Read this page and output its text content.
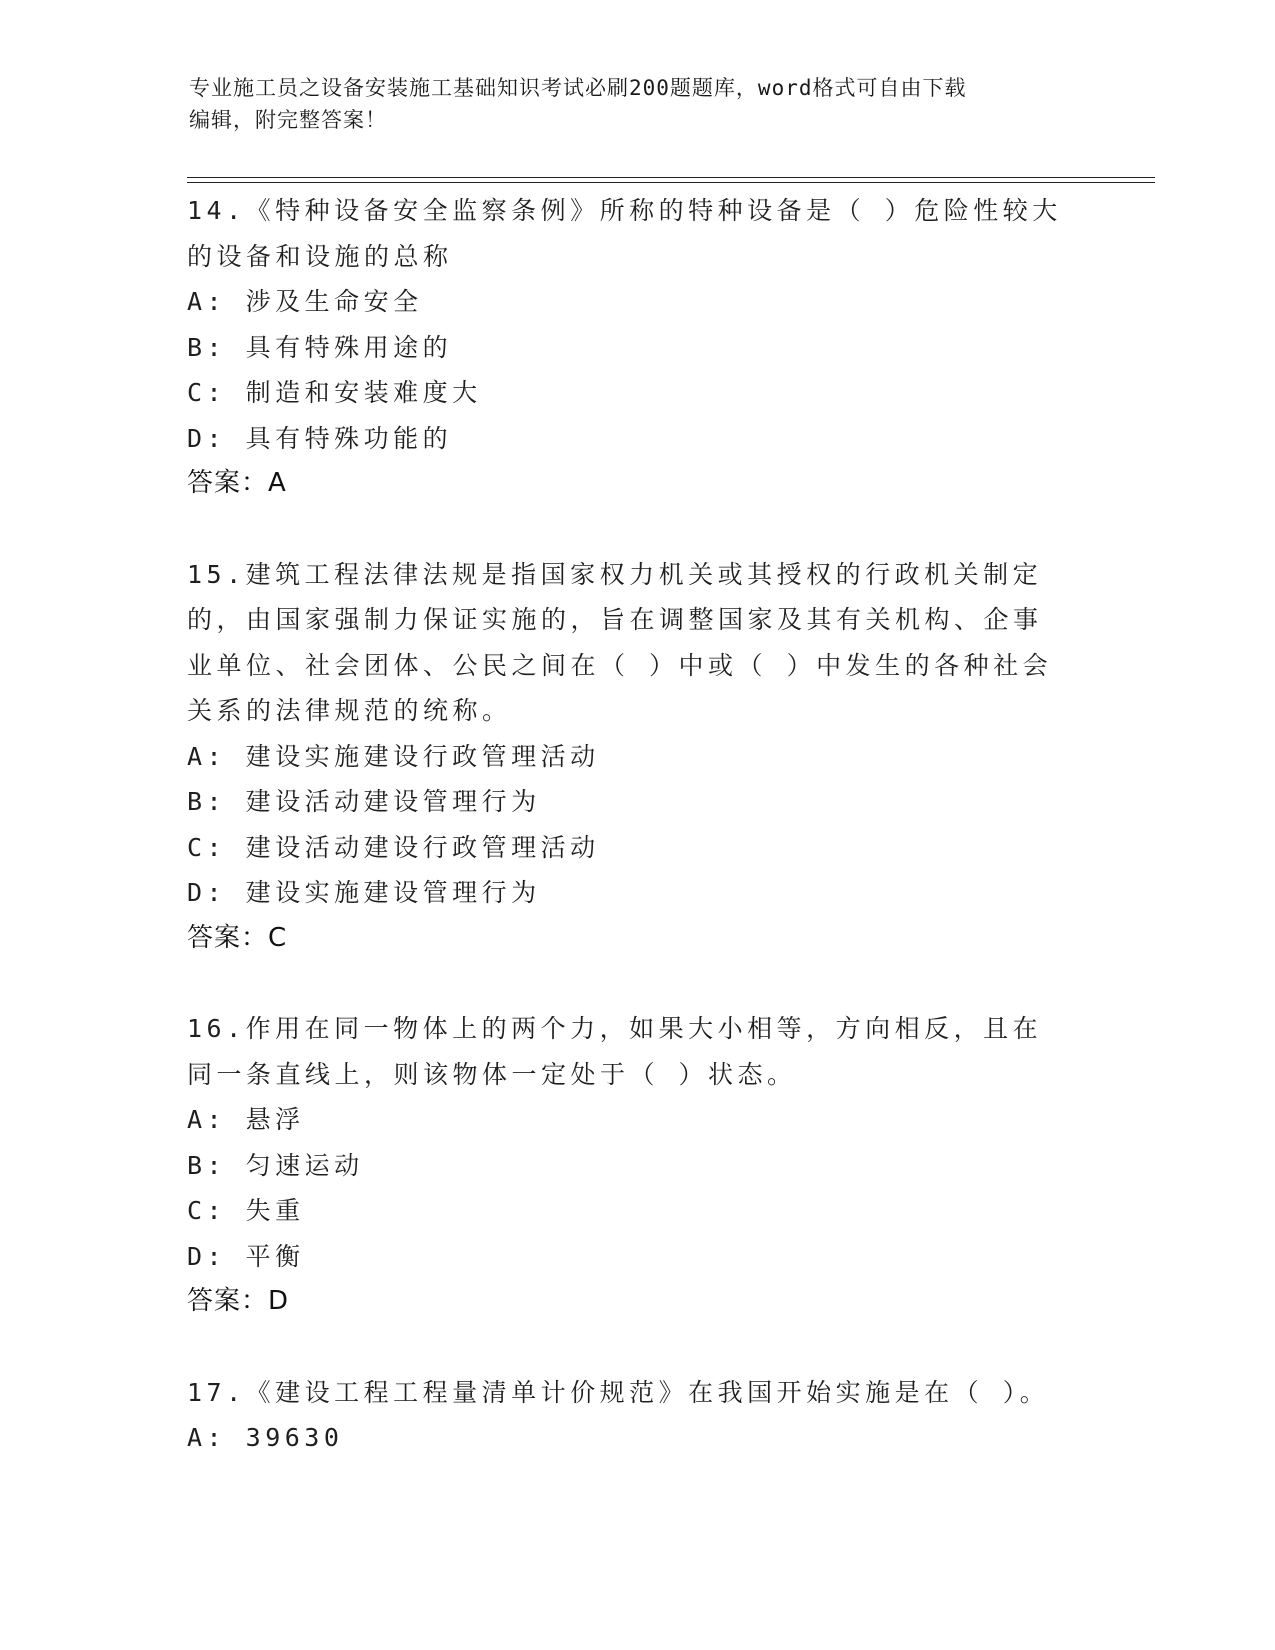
专业施工员之设备安装施工基础知识考试必刷200题题库，word格式可自由下载
编辑，附完整答案！
14.《特种设备安全监察条例》所称的特种设备是（ ）危险性较大的设备和设施的总称
A: 涉及生命安全
B: 具有特殊用途的
C: 制造和安装难度大
D: 具有特殊功能的
答案：A
15.建筑工程法律法规是指国家权力机关或其授权的行政机关制定的，由国家强制力保证实施的，旨在调整国家及其有关机构、企事业单位、社会团体、公民之间在（ ）中或（ ）中发生的各种社会关系的法律规范的统称。
A: 建设实施建设行政管理活动
B: 建设活动建设管理行为
C: 建设活动建设行政管理活动
D: 建设实施建设管理行为
答案：C
16.作用在同一物体上的两个力，如果大小相等，方向相反，且在同一条直线上，则该物体一定处于（ ）状态。
A: 悬浮
B: 匀速运动
C: 失重
D: 平衡
答案：D
17.《建设工程工程量清单计价规范》在我国开始实施是在（ ）。
A: 39630
